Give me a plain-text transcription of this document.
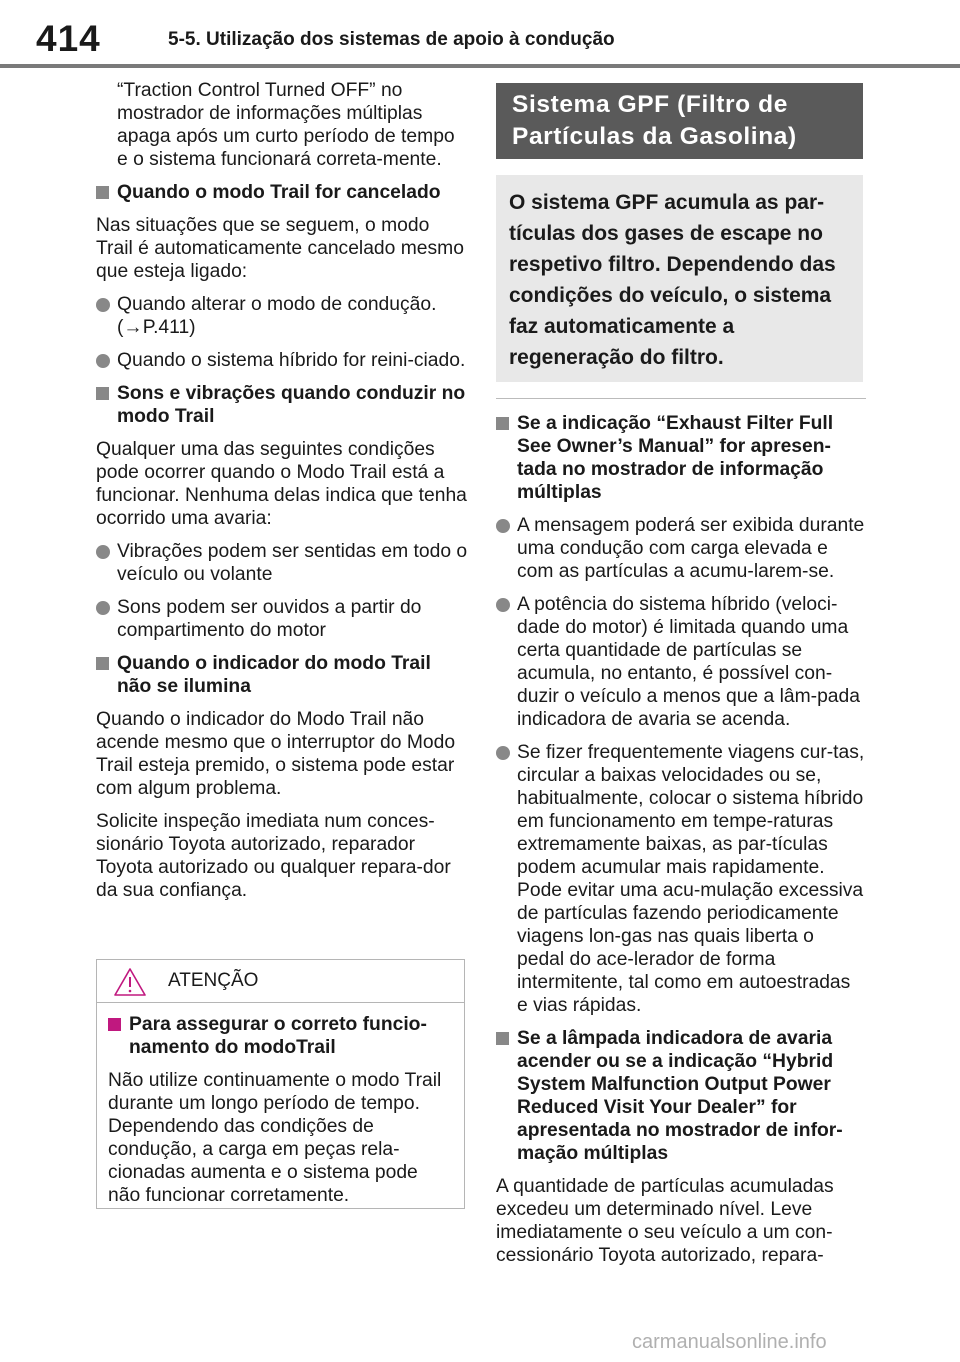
414	5-5. Utilização dos sistemas de apoio à condução

“Traction Control Turned OFF” no mostrador de informações múltiplas apaga após um curto período de tempo e o sistema funcionará correta-mente.

Quando o modo Trail for cancelado

Nas situações que se seguem, o modo Trail é automaticamente cancelado mesmo que esteja ligado:

Quando alterar o modo de condução. (→P.411)
Quando o sistema híbrido for reini-ciado.
Sons e vibrações quando conduzir no modo Trail

Qualquer uma das seguintes condições pode ocorrer quando o Modo Trail está a funcionar. Nenhuma delas indica que tenha ocorrido uma avaria:

Vibrações podem ser sentidas em todo o veículo ou volante
Sons podem ser ouvidos a partir do compartimento do motor
Quando o indicador do modo Trail não se ilumina

Quando o indicador do Modo Trail não acende mesmo que o interruptor do Modo Trail esteja premido, o sistema pode estar com algum problema.

Solicite inspeção imediata num conces-sionário Toyota autorizado, reparador Toyota autorizado ou qualquer repara-dor da sua confiança.

ATENÇÃO
Para assegurar o correto funcio-namento do modoTrail

Não utilize continuamente o modo Trail durante um longo período de tempo. Dependendo das condições de condução, a carga em peças rela-cionadas aumenta e o sistema pode não funcionar corretamente.

Sistema GPF (Filtro de Partículas da Gasolina)
O sistema GPF acumula as par-tículas dos gases de escape no respetivo filtro. Dependendo das condições do veículo, o sistema faz automaticamente a regeneração do filtro.
Se a indicação “Exhaust Filter Full See Owner’s Manual” for apresen-tada no mostrador de informação múltiplas
A mensagem poderá ser exibida durante uma condução com carga elevada e com as partículas a acumu-larem-se.
A potência do sistema híbrido (veloci-dade do motor) é limitada quando uma certa quantidade de partículas se acumula, no entanto, é possível con-duzir o veículo a menos que a lâm-pada indicadora de avaria se acenda.
Se fizer frequentemente viagens cur-tas, circular a baixas velocidades ou se, habitualmente, colocar o sistema híbrido em funcionamento em tempe-raturas extremamente baixas, as par-tículas podem acumular mais rapidamente. Pode evitar uma acu-mulação excessiva de partículas fazendo periodicamente viagens lon-gas nas quais liberta o pedal do ace-lerador de forma intermitente, tal como em autoestradas e vias rápidas.
Se a lâmpada indicadora de avaria acender ou se a indicação “Hybrid System Malfunction Output Power Reduced Visit Your Dealer” for apresentada no mostrador de infor-mação múltiplas

A quantidade de partículas acumuladas excedeu um determinado nível. Leve imediatamente o seu veículo a um con-cessionário Toyota autorizado, repara-

carmanualsonline.info
